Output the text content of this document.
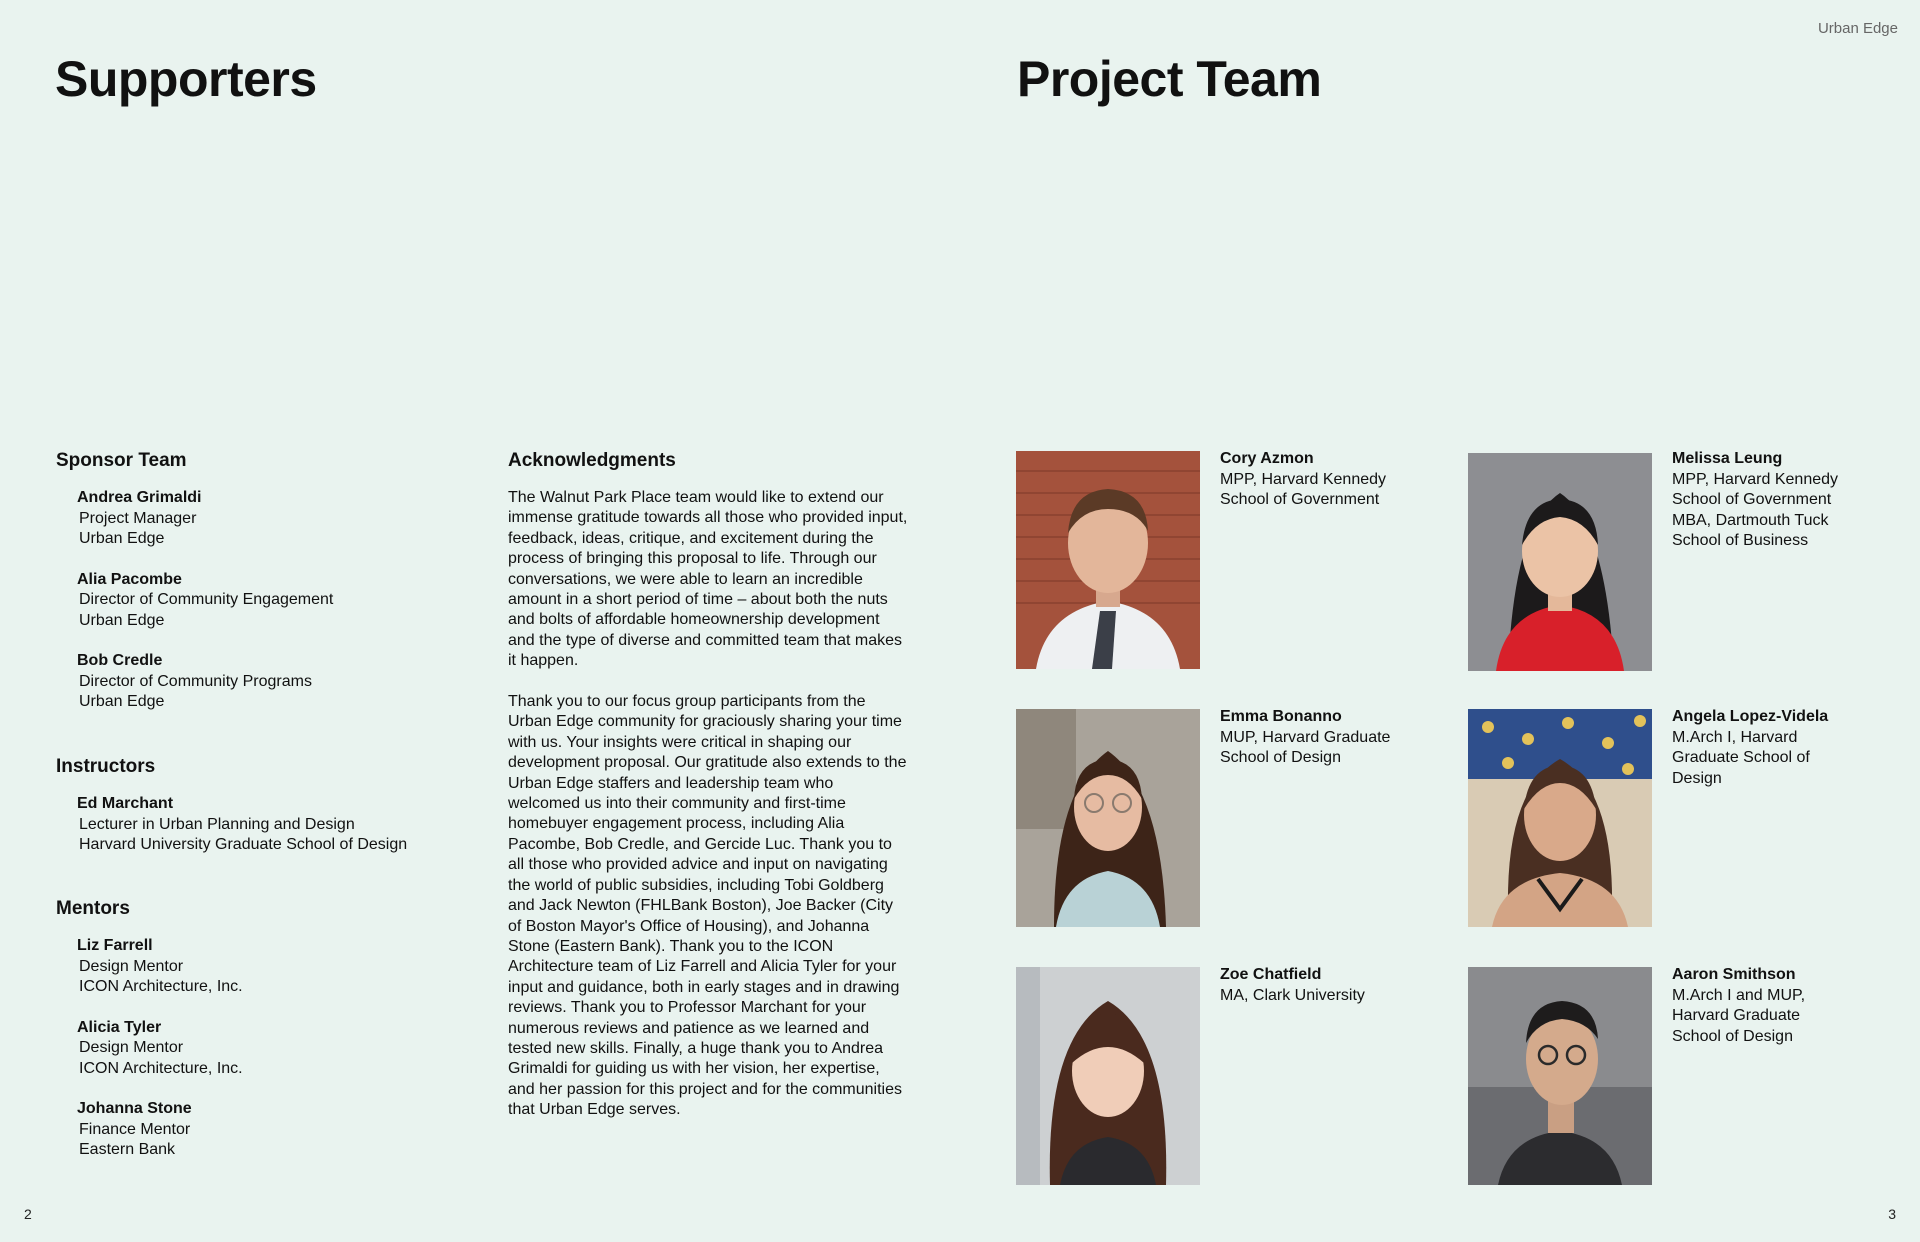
Urban Edge
Supporters
Sponsor Team
Andrea Grimaldi
Project Manager
Urban Edge
Alia Pacombe
Director of Community Engagement
Urban Edge
Bob Credle
Director of Community Programs
Urban Edge
Instructors
Ed Marchant
Lecturer in Urban Planning and Design
Harvard University Graduate School of Design
Mentors
Liz Farrell
Design Mentor
ICON Architecture, Inc.
Alicia Tyler
Design Mentor
ICON Architecture, Inc.
Johanna Stone
Finance Mentor
Eastern Bank
Acknowledgments

The Walnut Park Place team would like to extend our immense gratitude towards all those who provided input, feedback, ideas, critique, and excitement during the process of bringing this proposal to life. Through our conversations, we were able to learn an incredible amount in a short period of time – about both the nuts and bolts of affordable homeownership development and the type of diverse and committed team that makes it happen.

Thank you to our focus group participants from the Urban Edge community for graciously sharing your time with us. Your insights were critical in shaping our development proposal. Our gratitude also extends to the Urban Edge staffers and leadership team who welcomed us into their community and first-time homebuyer engagement process, including Alia Pacombe, Bob Credle, and Gercide Luc. Thank you to all those who provided advice and input on navigating the world of public subsidies, including Tobi Goldberg and Jack Newton (FHLBank Boston), Joe Backer (City of Boston Mayor's Office of Housing), and Johanna Stone (Eastern Bank). Thank you to the ICON Architecture team of Liz Farrell and Alicia Tyler for your input and guidance, both in early stages and in drawing reviews. Thank you to Professor Marchant for your numerous reviews and patience as we learned and tested new skills. Finally, a huge thank you to Andrea Grimaldi for guiding us with her vision, her expertise, and her passion for this project and for the communities that Urban Edge serves.

2
Project Team
Cory Azmon
MPP, Harvard Kennedy
School of Government
Melissa Leung
MPP, Harvard Kennedy
School of Government
MBA, Dartmouth Tuck
School of Business
Emma Bonanno
MUP, Harvard Graduate
School of Design
Angela Lopez-Videla
M.Arch I, Harvard
Graduate School of
Design
Zoe Chatfield
MA, Clark University
Aaron Smithson
M.Arch I and MUP,
Harvard Graduate
School of Design
3
